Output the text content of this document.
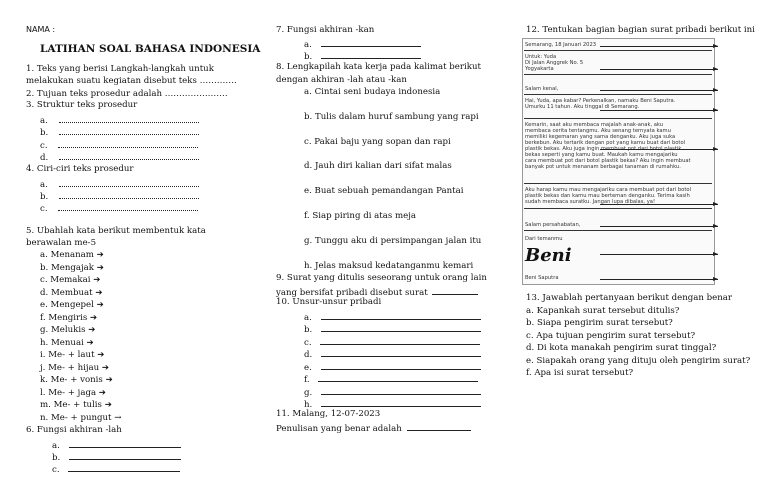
NAMA :
LATIHAN SOAL BAHASA INDONESIA
1. Teks yang berisi Langkah-langkah untuk
melakukan suatu kegiatan disebut teks ………….
2. Tujuan teks prosedur adalah ………………….
3. Struktur teks prosedur
a.
b.
c.
d.
4. Ciri-ciri teks prosedur
a.
b.
c.
5. Ubahlah kata berikut membentuk kata
berawalan me-5
a. Menanam ➔
b. Mengajak ➔
c. Memakai ➔
d. Membuat ➔
e. Mengepel ➔
f. Mengiris ➔
g. Melukis ➔
h. Menuai ➔
i. Me- + laut ➔
j. Me- + hijau ➔
k. Me- + vonis ➔
l. Me- + jaga ➔
m. Me- + tulis ➔
n. Me- + pungut →
6. Fungsi akhiran -lah
a.
b.
c.
7. Fungsi akhiran -kan
a.
b.
8. Lengkapilah kata kerja pada kalimat berikut
dengan akhiran -lah atau -kan
a. Cintai seni budaya indonesia
b. Tulis dalam huruf sambung yang rapi
c. Pakai baju yang sopan dan rapi
d. Jauh diri kalian dari sifat malas
e. Buat sebuah pemandangan Pantai
f. Siap piring di atas meja
g. Tunggu aku di persimpangan jalan itu
h. Jelas maksud kedatanganmu kemari
9. Surat yang ditulis seseorang untuk orang lain
yang bersifat pribadi disebut surat
10. Unsur-unsur pribadi
a.
b.
c.
d.
e.
f.
g.
h.
11. Malang, 12-07-2023
Penulisan yang benar adalah
12. Tentukan bagian bagian surat pribadi berikut ini
13. Jawablah pertanyaan berikut dengan benar
a. Kapankah surat tersebut ditulis?
b. Siapa pengirim surat tersebut?
c. Apa tujuan pengirim surat tersebut?
d. Di kota manakah pengirim surat tinggal?
e. Siapakah orang yang dituju oleh pengirim surat?
f. Apa isi surat tersebut?
Semarang, 18 Januari 2023
Untuk: Yuda
Di Jalan Anggrek No. 5
Yogyakarta
Salam kenal,
Hai, Yuda, apa kabar? Perkenalkan, namaku Beni Saputra.
Umurku 11 tahun. Aku tinggal di Semarang.
Kemarin, saat aku membaca majalah anak-anak, aku
membaca cerita tentangmu. Aku senang ternyata kamu
memiliki kegemaran yang sama denganku. Aku juga suka
berkebun. Aku tertarik dengan pot yang kamu buat dari botol
plastik bekas. Aku juga ingin membuat pot dari botol plastik
bekas seperti yang kamu buat. Maukah kamu mengajariku
cara membuat pot dari botol plastik bekas? Aku ingin membuat
banyak pot untuk menanam berbagai tanaman di rumahku.
Aku harap kamu mau mengajariku cara membuat pot dari botol
plastik bekas dan kamu mau berteman denganku. Terima kasih
sudah membaca suratku. Jangan lupa dibalas, ya!
Salam persahabatan,
Dari temanmu
Beni
Beni Saputra
